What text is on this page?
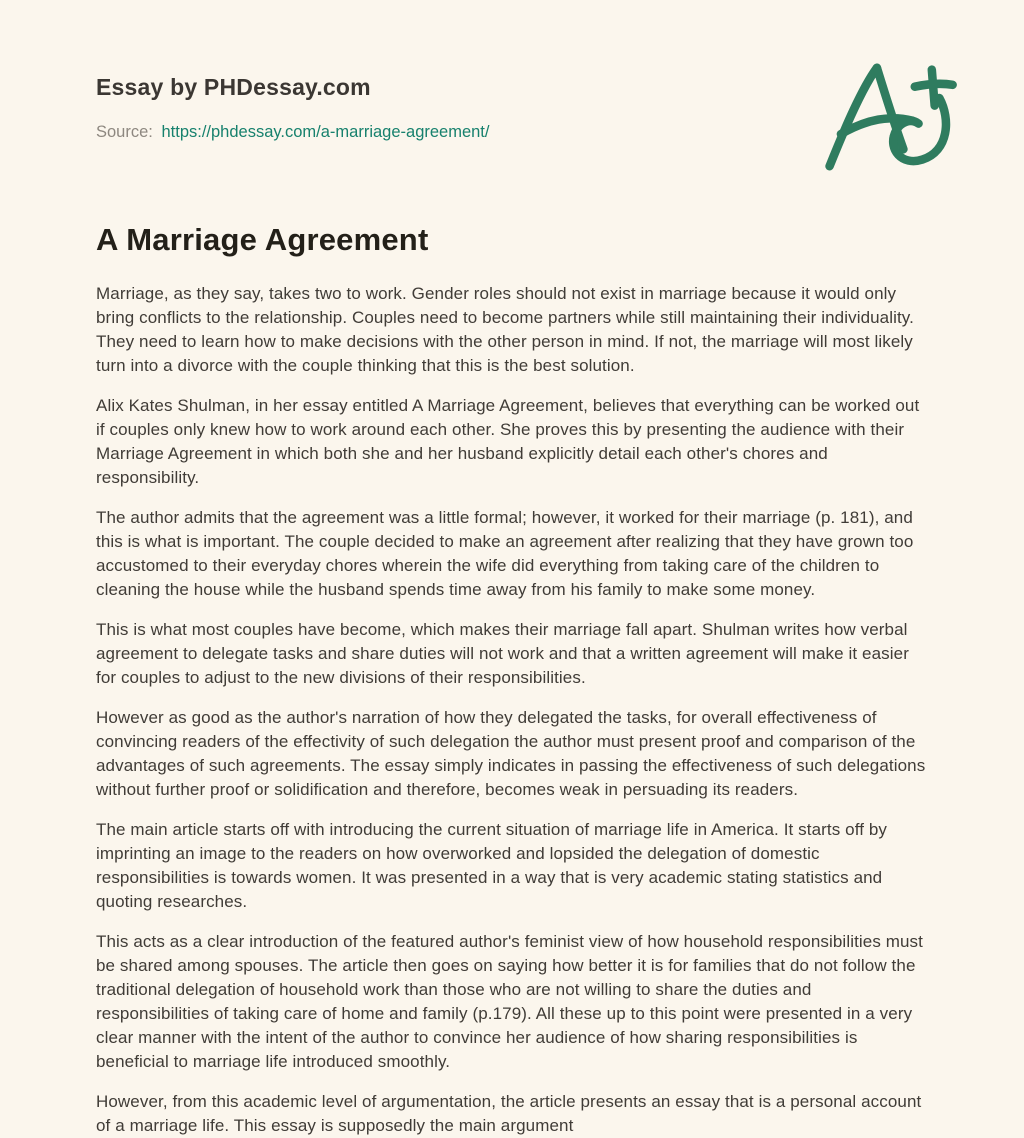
Essay by PHDessay.com
Source: https://phdessay.com/a-marriage-agreement/
A Marriage Agreement

Marriage, as they say, takes two to work. Gender roles should not exist in marriage because it would only bring conflicts to the relationship. Couples need to become partners while still maintaining their individuality. They need to learn how to make decisions with the other person in mind. If not, the marriage will most likely turn into a divorce with the couple thinking that this is the best solution.

Alix Kates Shulman, in her essay entitled A Marriage Agreement, believes that everything can be worked out if couples only knew how to work around each other. She proves this by presenting the audience with their Marriage Agreement in which both she and her husband explicitly detail each other's chores and responsibility.

The author admits that the agreement was a little formal; however, it worked for their marriage (p. 181), and this is what is important. The couple decided to make an agreement after realizing that they have grown too accustomed to their everyday chores wherein the wife did everything from taking care of the children to cleaning the house while the husband spends time away from his family to make some money.

This is what most couples have become, which makes their marriage fall apart. Shulman writes how verbal agreement to delegate tasks and share duties will not work and that a written agreement will make it easier for couples to adjust to the new divisions of their responsibilities.

However as good as the author's narration of how they delegated the tasks, for overall effectiveness of convincing readers of the effectivity of such delegation the author must present proof and comparison of the advantages of such agreements. The essay simply indicates in passing the effectiveness of such delegations without further proof or solidification and therefore, becomes weak in persuading its readers.

The main article starts off with introducing the current situation of marriage life in America. It starts off by imprinting an image to the readers on how overworked and lopsided the delegation of domestic responsibilities is towards women. It was presented in a way that is very academic stating statistics and quoting researches.

This acts as a clear introduction of the featured author's feminist view of how household responsibilities must be shared among spouses. The article then goes on saying how better it is for families that do not follow the traditional delegation of household work than those who are not willing to share the duties and responsibilities of taking care of home and family (p.179). All these up to this point were presented in a very clear manner with the intent of the author to convince her audience of how sharing responsibilities is beneficial to marriage life introduced smoothly.

However, from this academic level of argumentation, the article presents an essay that is a personal account of a marriage life. This essay is supposedly the main argument
